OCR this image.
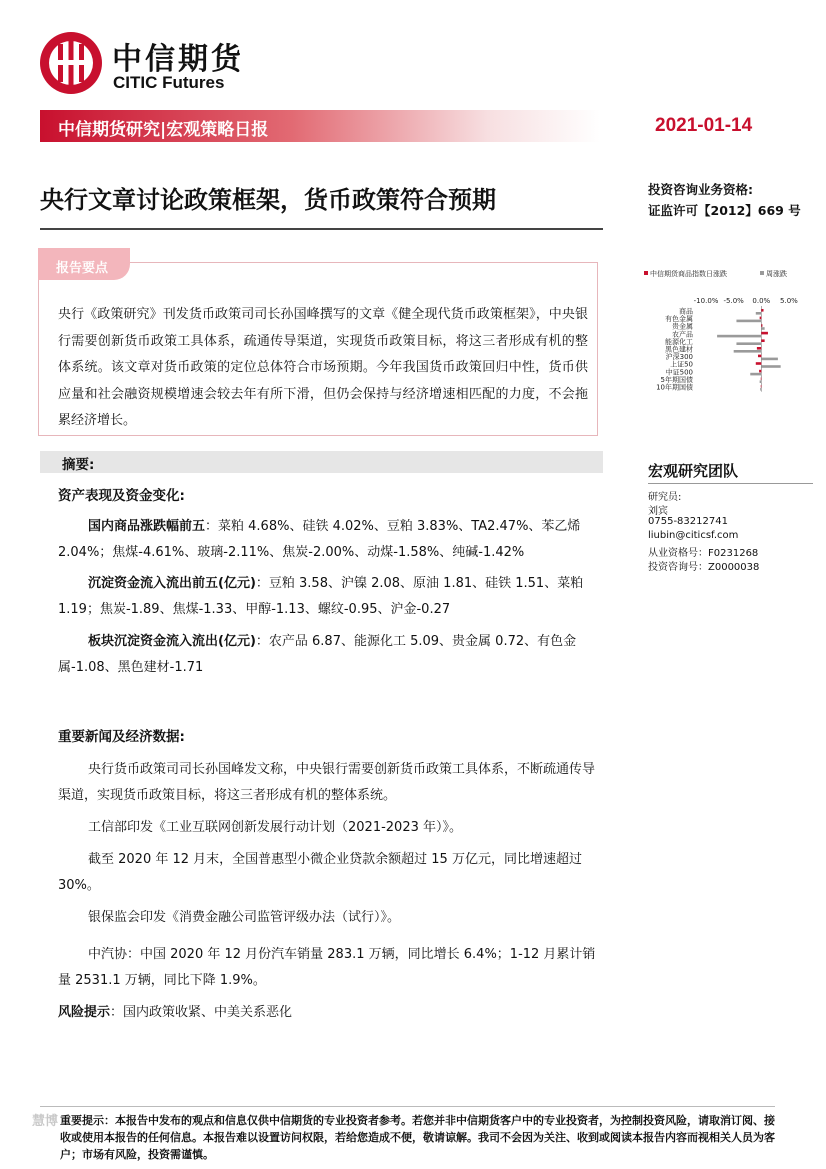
中信期货
CITIC Futures
中信期货研究|宏观策略日报	2021-01-14
央行文章讨论政策框架，货币政策符合预期	投资咨询业务资格:
证监许可【2012】669 号
报告要点
央行《政策研究》刊发货币政策司司长孙国峰撰写的文章《健全现代货币政策框架》，中央银行需要创新货币政策工具体系，疏通传导渠道，实现货币政策目标，将这三者形成有机的整体系统。该文章对货币政策的定位总体符合市场预期。今年我国货币政策回归中性，货币供应量和社会融资规模增速会较去年有所下滑，但仍会保持与经济增速相匹配的力度，不会拖累经济增长。
摘要:
资产表现及资金变化:
国内商品涨跌幅前五：菜粕 4.68%、硅铁 4.02%、豆粕 3.83%、TA2.47%、苯乙烯 2.04%；焦煤-4.61%、玻璃-2.11%、焦炭-2.00%、动煤-1.58%、纯碱-1.42%
沉淀资金流入流出前五(亿元)：豆粕 3.58、沪镍 2.08、原油 1.81、硅铁 1.51、菜粕 1.19；焦炭-1.89、焦煤-1.33、甲醇-1.13、螺纹-0.95、沪金-0.27
板块沉淀资金流入流出(亿元)：农产品 6.87、能源化工 5.09、贵金属 0.72、有色金属-1.08、黑色建材-1.71
重要新闻及经济数据:
央行货币政策司司长孙国峰发文称，中央银行需要创新货币政策工具体系，不断疏通传导渠道，实现货币政策目标，将这三者形成有机的整体系统。
工信部印发《工业互联网创新发展行动计划（2021-2023 年）》。
截至 2020 年 12 月末，全国普惠型小微企业贷款余额超过 15 万亿元，同比增速超过 30%。
银保监会印发《消费金融公司监管评级办法（试行）》。
中汽协：中国 2020 年 12 月份汽车销量 283.1 万辆，同比增长 6.4%；1-12 月累计销量 2531.1 万辆，同比下降 1.9%。
风险提示：国内政策收紧、中美关系恶化
中信期货商品指数日涨跌	周涨跌
-10.0% -5.0% 0.0% 5.0%
商品
有色金属
贵金属
农产品
能源化工
黑色建材
沪深300
上证50
中证500
5年期国债
10年期国债
宏观研究团队
研究员:
刘宾
0755-83212741
liubin@citicsf.com
从业资格号：F0231268
投资咨询号：Z0000038
慧博 重要提示：本报告中发布的观点和信息仅供中信期货的专业投资者参考。若您并非中信期货客户中的专业投资者，为控制投资风险，请取消订阅、接收或使用本报告的任何信息。本报告难以设置访问权限，若给您造成不便，敬请谅解。我司不会因为关注、收到或阅读本报告内容而视相关人员为客户；市场有风险，投资需谨慎。
